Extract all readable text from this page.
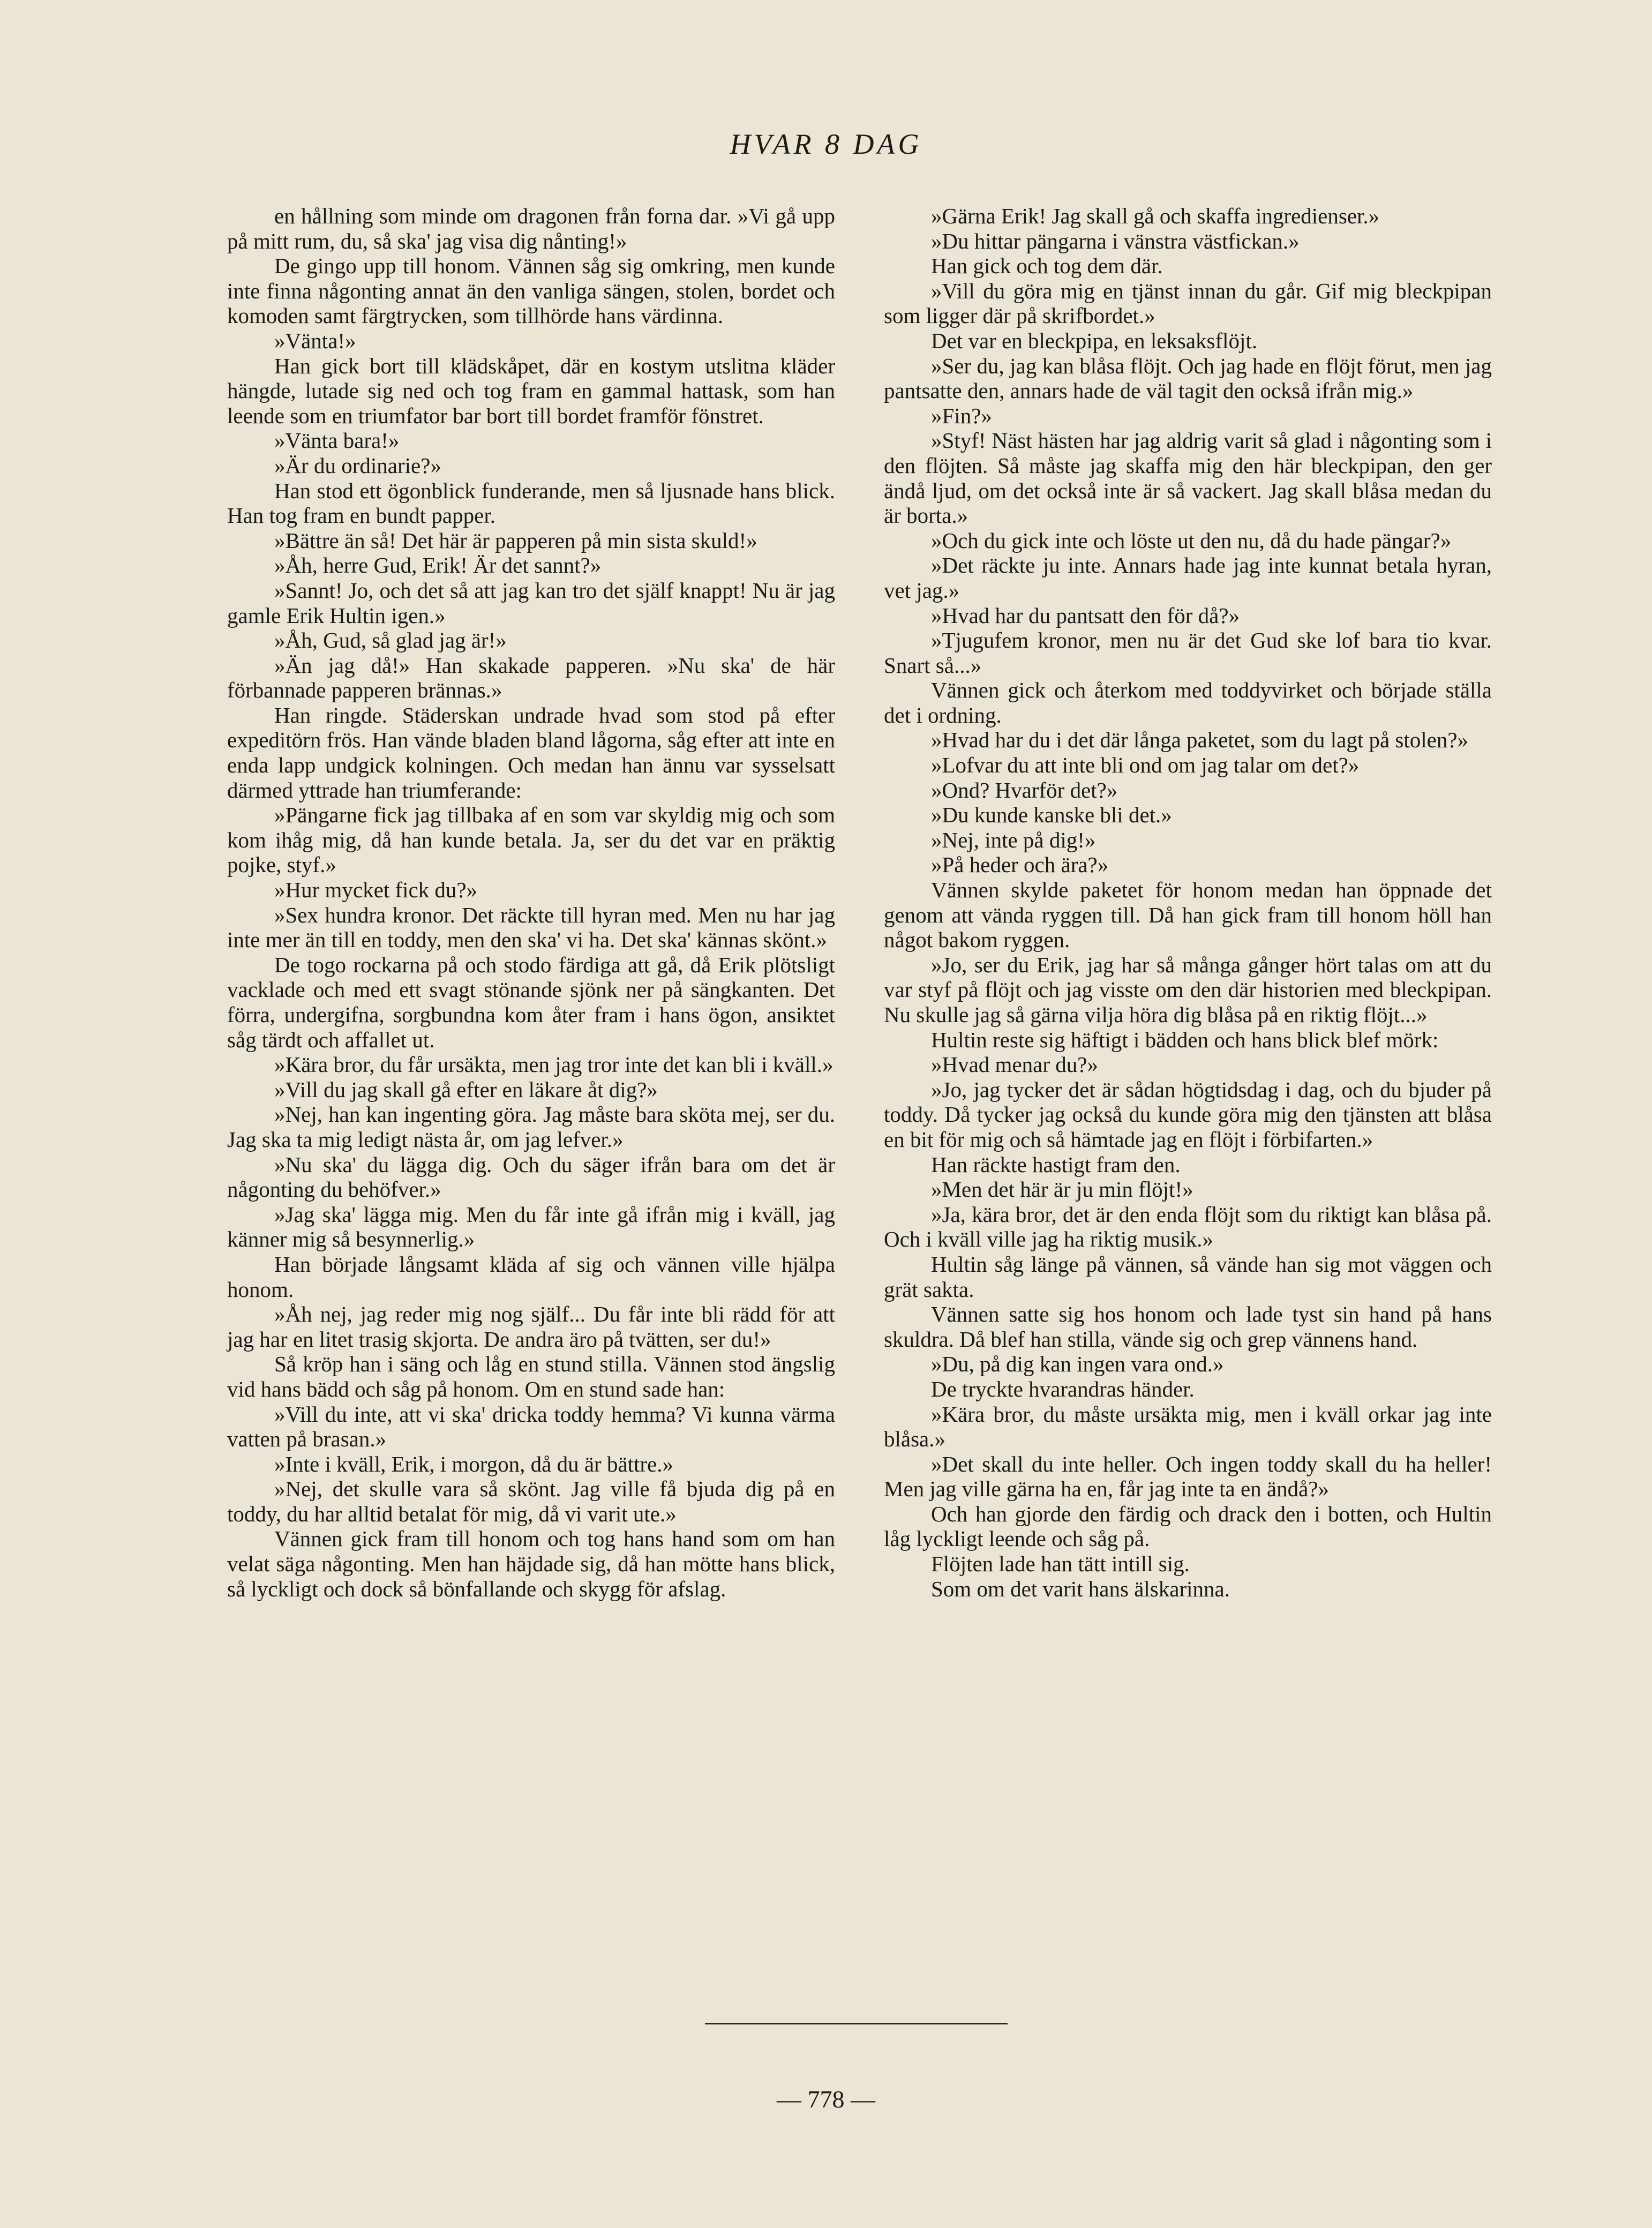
HVAR 8 DAG

en hållning som minde om dragonen från forna dar. »Vi gå upp på mitt rum, du, så ska' jag visa dig nånting!»

De gingo upp till honom. Vännen såg sig omkring, men kunde inte finna någonting annat än den vanliga sängen, stolen, bordet och komoden samt färgtrycken, som tillhörde hans värdinna.

»Vänta!»

Han gick bort till klädskåpet, där en kostym utslitna kläder hängde, lutade sig ned och tog fram en gammal hattask, som han leende som en triumfator bar bort till bordet framför fönstret.

»Vänta bara!»

»Är du ordinarie?»

Han stod ett ögonblick funderande, men så ljusnade hans blick. Han tog fram en bundt papper.

»Bättre än så! Det här är papperen på min sista skuld!»

»Åh, herre Gud, Erik! Är det sannt?»

»Sannt! Jo, och det så att jag kan tro det själf knappt! Nu är jag gamle Erik Hultin igen.»

»Åh, Gud, så glad jag är!»

»Än jag då!» Han skakade papperen. »Nu ska' de här förbannade papperen brännas.»

Han ringde. Städerskan undrade hvad som stod på efter expeditörn frös. Han vände bladen bland lågorna, såg efter att inte en enda lapp undgick kolningen. Och medan han ännu var sysselsatt därmed yttrade han triumferande:

»Pängarne fick jag tillbaka af en som var skyldig mig och som kom ihåg mig, då han kunde betala. Ja, ser du det var en präktig pojke, styf.»

»Hur mycket fick du?»

»Sex hundra kronor. Det räckte till hyran med. Men nu har jag inte mer än till en toddy, men den ska' vi ha. Det ska' kännas skönt.»

De togo rockarna på och stodo färdiga att gå, då Erik plötsligt vacklade och med ett svagt stönande sjönk ner på sängkanten. Det förra, undergifna, sorgbundna kom åter fram i hans ögon, ansiktet såg tärdt och affallet ut.

»Kära bror, du får ursäkta, men jag tror inte det kan bli i kväll.»

»Vill du jag skall gå efter en läkare åt dig?»

»Nej, han kan ingenting göra. Jag måste bara sköta mej, ser du. Jag ska ta mig ledigt nästa år, om jag lefver.»

»Nu ska' du lägga dig. Och du säger ifrån bara om det är någonting du behöfver.»

»Jag ska' lägga mig. Men du får inte gå ifrån mig i kväll, jag känner mig så besynnerlig.»

Han började långsamt kläda af sig och vännen ville hjälpa honom.

»Åh nej, jag reder mig nog själf... Du får inte bli rädd för att jag har en litet trasig skjorta. De andra äro på tvätten, ser du!»

Så kröp han i säng och låg en stund stilla. Vännen stod ängslig vid hans bädd och såg på honom. Om en stund sade han:

»Vill du inte, att vi ska' dricka toddy hemma? Vi kunna värma vatten på brasan.»

»Inte i kväll, Erik, i morgon, då du är bättre.»

»Nej, det skulle vara så skönt. Jag ville få bjuda dig på en toddy, du har alltid betalat för mig, då vi varit ute.»

Vännen gick fram till honom och tog hans hand som om han velat säga någonting. Men han häjdade sig, då han mötte hans blick, så lyckligt och dock så bönfallande och skygg för afslag.

»Gärna Erik! Jag skall gå och skaffa ingredienser.»

»Du hittar pängarna i vänstra västfickan.»

Han gick och tog dem där.

»Vill du göra mig en tjänst innan du går. Gif mig bleckpipan som ligger där på skrifbordet.»

Det var en bleckpipa, en leksaksflöjt.

»Ser du, jag kan blåsa flöjt. Och jag hade en flöjt förut, men jag pantsatte den, annars hade de väl tagit den också ifrån mig.»

»Fin?»

»Styf! Näst hästen har jag aldrig varit så glad i någonting som i den flöjten. Så måste jag skaffa mig den här bleckpipan, den ger ändå ljud, om det också inte är så vackert. Jag skall blåsa medan du är borta.»

»Och du gick inte och löste ut den nu, då du hade pängar?»

»Det räckte ju inte. Annars hade jag inte kunnat betala hyran, vet jag.»

»Hvad har du pantsatt den för då?»

»Tjugufem kronor, men nu är det Gud ske lof bara tio kvar. Snart så...»

Vännen gick och återkom med toddyvirket och började ställa det i ordning.

»Hvad har du i det där långa paketet, som du lagt på stolen?»

»Lofvar du att inte bli ond om jag talar om det?»

»Ond? Hvarför det?»

»Du kunde kanske bli det.»

»Nej, inte på dig!»

»På heder och ära?»

Vännen skylde paketet för honom medan han öppnade det genom att vända ryggen till. Då han gick fram till honom höll han något bakom ryggen.

»Jo, ser du Erik, jag har så många gånger hört talas om att du var styf på flöjt och jag visste om den där historien med bleckpipan. Nu skulle jag så gärna vilja höra dig blåsa på en riktig flöjt...»

Hultin reste sig häftigt i bädden och hans blick blef mörk:

»Hvad menar du?»

»Jo, jag tycker det är sådan högtidsdag i dag, och du bjuder på toddy. Då tycker jag också du kunde göra mig den tjänsten att blåsa en bit för mig och så hämtade jag en flöjt i förbifarten.»

Han räckte hastigt fram den.

»Men det här är ju min flöjt!»

»Ja, kära bror, det är den enda flöjt som du riktigt kan blåsa på. Och i kväll ville jag ha riktig musik.»

Hultin såg länge på vännen, så vände han sig mot väggen och grät sakta.

Vännen satte sig hos honom och lade tyst sin hand på hans skuldra. Då blef han stilla, vände sig och grep vännens hand.

»Du, på dig kan ingen vara ond.»

De tryckte hvarandras händer.

»Kära bror, du måste ursäkta mig, men i kväll orkar jag inte blåsa.»

»Det skall du inte heller. Och ingen toddy skall du ha heller! Men jag ville gärna ha en, får jag inte ta en ändå?»

Och han gjorde den färdig och drack den i botten, och Hultin låg lyckligt leende och såg på.

Flöjten lade han tätt intill sig.

Som om det varit hans älskarinna.

— 778 —
